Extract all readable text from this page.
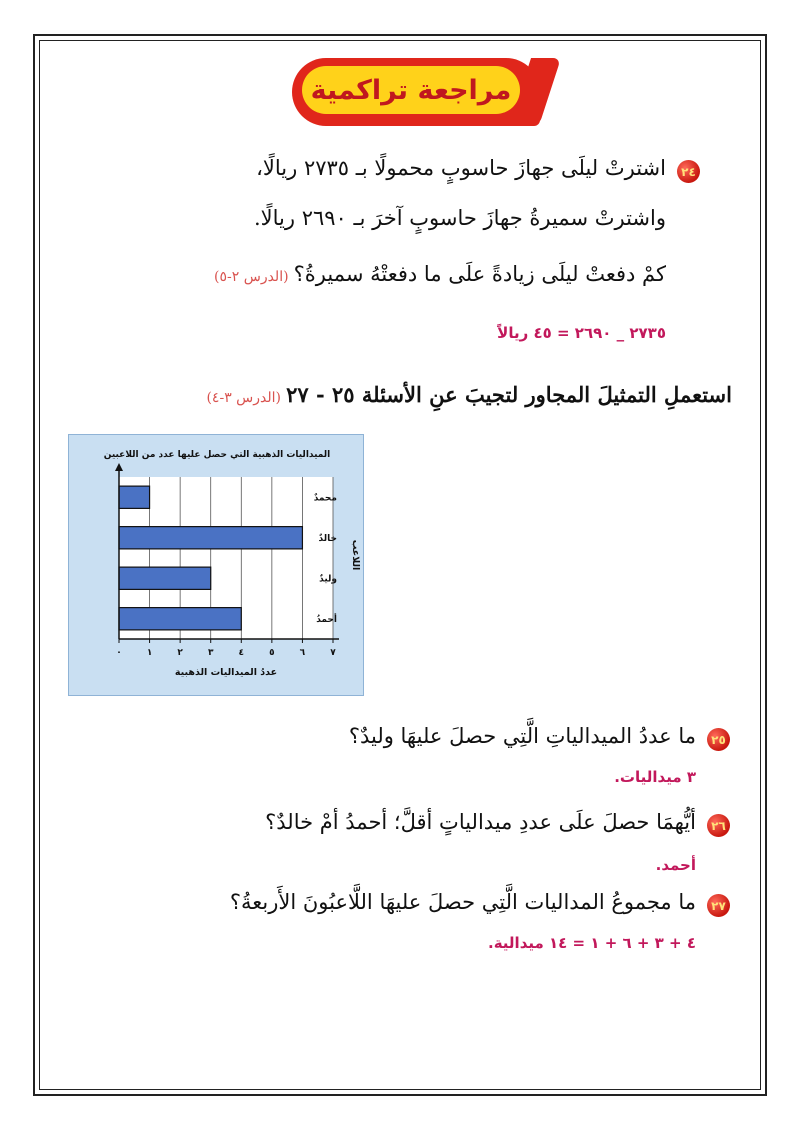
مراجعة تراكمية
٢٤
اشترتْ ليلَى جهازَ حاسوبٍ محمولًا بـ ٢٧٣٥ ريالًا،
واشترتْ سميرةُ جهازَ حاسوبٍ آخرَ بـ ٢٦٩٠ ريالًا.
كمْ دفعتْ ليلَى زيادةً علَى ما دفعتْهُ سميرةُ؟ (الدرس ٢-٥)
٢٧٣٥ _ ٢٦٩٠ = ٤٥ ريالاً
استعملِ التمثيلَ المجاور لتجيبَ عنِ الأسئلة ٢٥ - ٢٧ (الدرس ٣-٤)
الميداليات الذهبية التي حصل عليها عدد من اللاعبين
محمدٌ
خالدٌ
وليدٌ
أحمدُ
٠	١	٢	٣	٤	٥	٦	٧
عددُ الميداليات الذهبية
اللاعب
٢٥
ما عددُ الميدالياتِ الَّتِي حصلَ عليهَا وليدٌ؟
٣ ميداليات.
٢٦
أيُّهمَا حصلَ علَى عددِ ميدالياتٍ أقلَّ؛ أحمدُ أمْ خالدٌ؟
أحمد.
٢٧
ما مجموعُ المداليات الَّتِي حصلَ عليهَا اللَّاعبُونَ الأَربعةُ؟
٤ + ٣ + ٦ + ١ = ١٤ ميدالية.
